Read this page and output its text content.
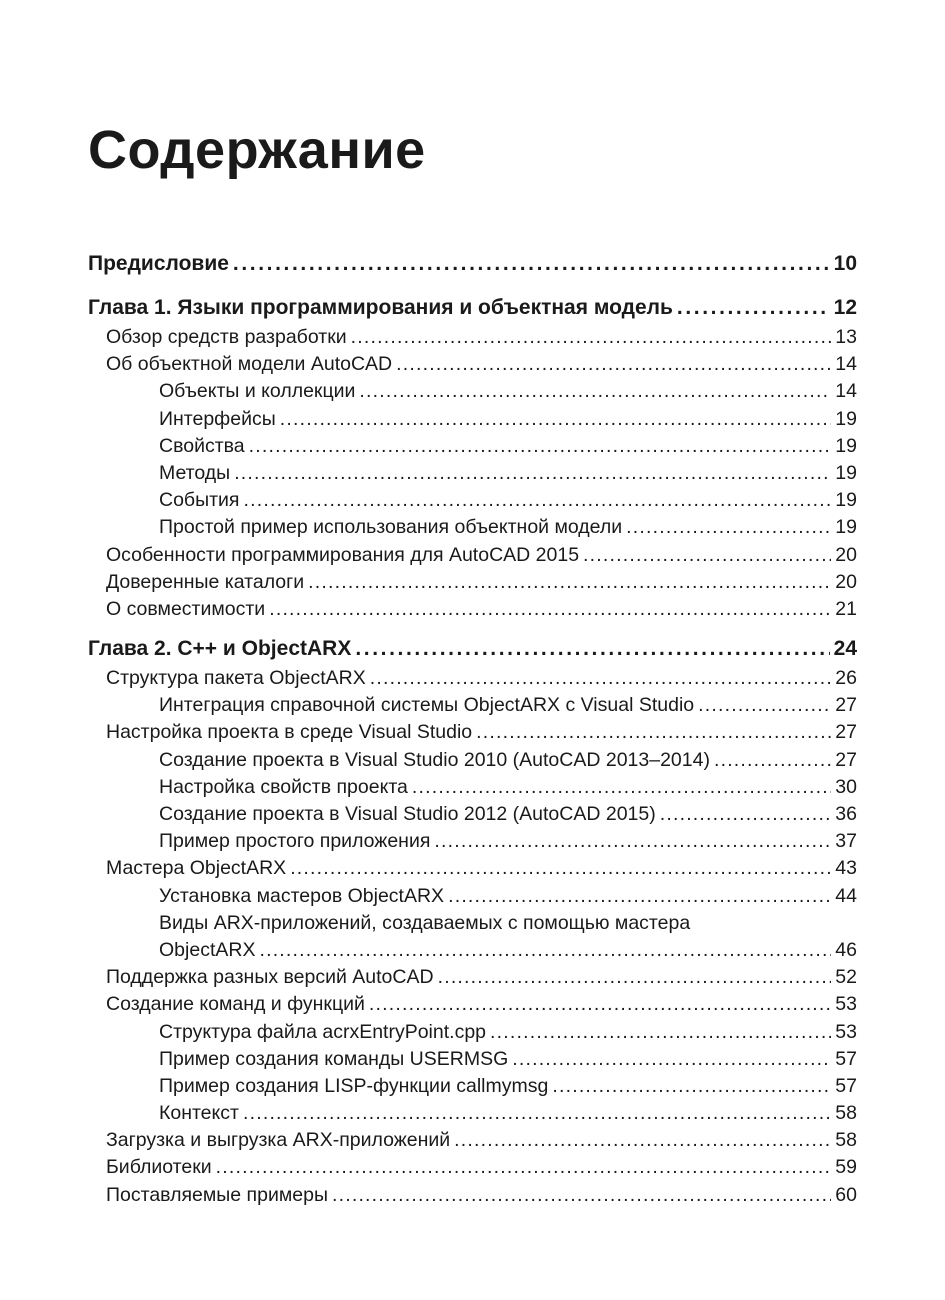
Содержание
Предисловие .....	10
Глава 1. Языки программирования и объектная модель .....	12
Обзор средств разработки .....	13
Об объектной модели AutoCAD .....	14
Объекты и коллекции .....	14
Интерфейсы .....	19
Свойства .....	19
Методы .....	19
События .....	19
Простой пример использования объектной модели .....	19
Особенности программирования для AutoCAD 2015 .....	20
Доверенные каталоги .....	20
О совместимости .....	21
Глава 2. C++ и ObjectARX .....	24
Структура пакета ObjectARX .....	26
Интеграция справочной системы ObjectARX с Visual Studio .....	27
Настройка проекта в среде Visual Studio .....	27
Создание проекта в Visual Studio 2010 (AutoCAD 2013–2014) .....	27
Настройка свойств проекта .....	30
Создание проекта в Visual Studio 2012 (AutoCAD 2015) .....	36
Пример простого приложения .....	37
Мастера ObjectARX .....	43
Установка мастеров ObjectARX .....	44
Виды ARX-приложений, создаваемых с помощью мастера
ObjectARX .....	46
Поддержка разных версий AutoCAD .....	52
Создание команд и функций .....	53
Структура файла acrxEntryPoint.cpp .....	53
Пример создания команды USERMSG .....	57
Пример создания LISP-функции callmymsg .....	57
Контекст .....	58
Загрузка и выгрузка ARX-приложений .....	58
Библиотеки .....	59
Поставляемые примеры .....	60
